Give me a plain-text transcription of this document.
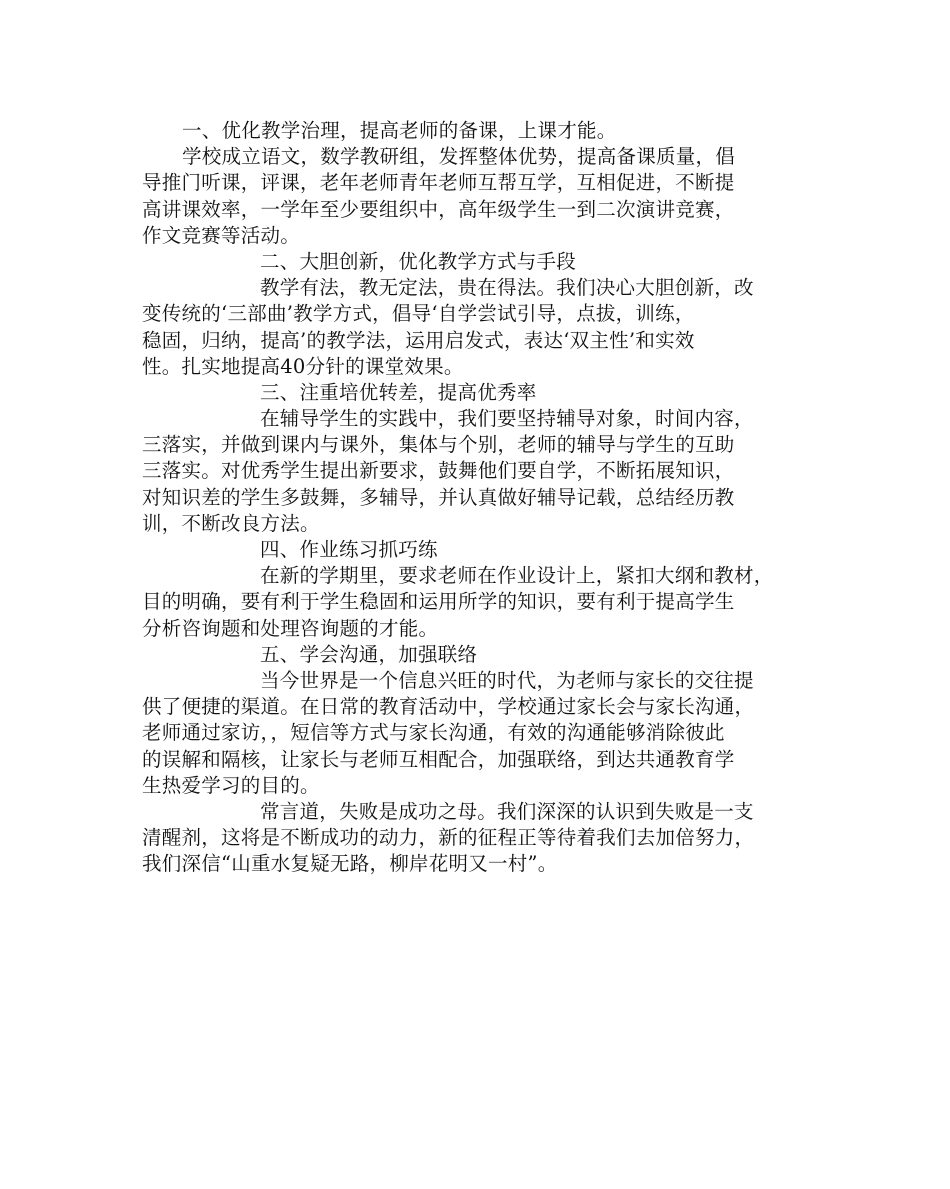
一、优化教学治理，提高老师的备课，上课才能。
学校成立语文，数学教研组，发挥整体优势，提高备课质量，倡
导推门听课，评课，老年老师青年老师互帮互学，互相促进，不断提
高讲课效率，一学年至少要组织中，高年级学生一到二次演讲竞赛，
作文竞赛等活动。
二、大胆创新，优化教学方式与手段
教学有法，教无定法，贵在得法。我们决心大胆创新，改
变传统的‘三部曲’教学方式，倡导‘自学尝试引导，点拔，训练，
稳固，归纳，提高’的教学法，运用启发式，表达‘双主性’和实效
性。扎实地提高40分针的课堂效果。
三、注重培优转差，提高优秀率
在辅导学生的实践中，我们要坚持辅导对象，时间内容，
三落实，并做到课内与课外，集体与个别，老师的辅导与学生的互助
三落实。对优秀学生提出新要求，鼓舞他们要自学，不断拓展知识，
对知识差的学生多鼓舞，多辅导，并认真做好辅导记载，总结经历教
训，不断改良方法。
四、作业练习抓巧练
在新的学期里，要求老师在作业设计上，紧扣大纲和教材，
目的明确，要有利于学生稳固和运用所学的知识，要有利于提高学生
分析咨询题和处理咨询题的才能。
五、学会沟通，加强联络
当今世界是一个信息兴旺的时代，为老师与家长的交往提
供了便捷的渠道。在日常的教育活动中，学校通过家长会与家长沟通，
老师通过家访，，短信等方式与家长沟通，有效的沟通能够消除彼此
的误解和隔核，让家长与老师互相配合，加强联络，到达共通教育学
生热爱学习的目的。
常言道，失败是成功之母。我们深深的认识到失败是一支
清醒剂，这将是不断成功的动力，新的征程正等待着我们去加倍努力，
我们深信“山重水复疑无路，柳岸花明又一村”。
